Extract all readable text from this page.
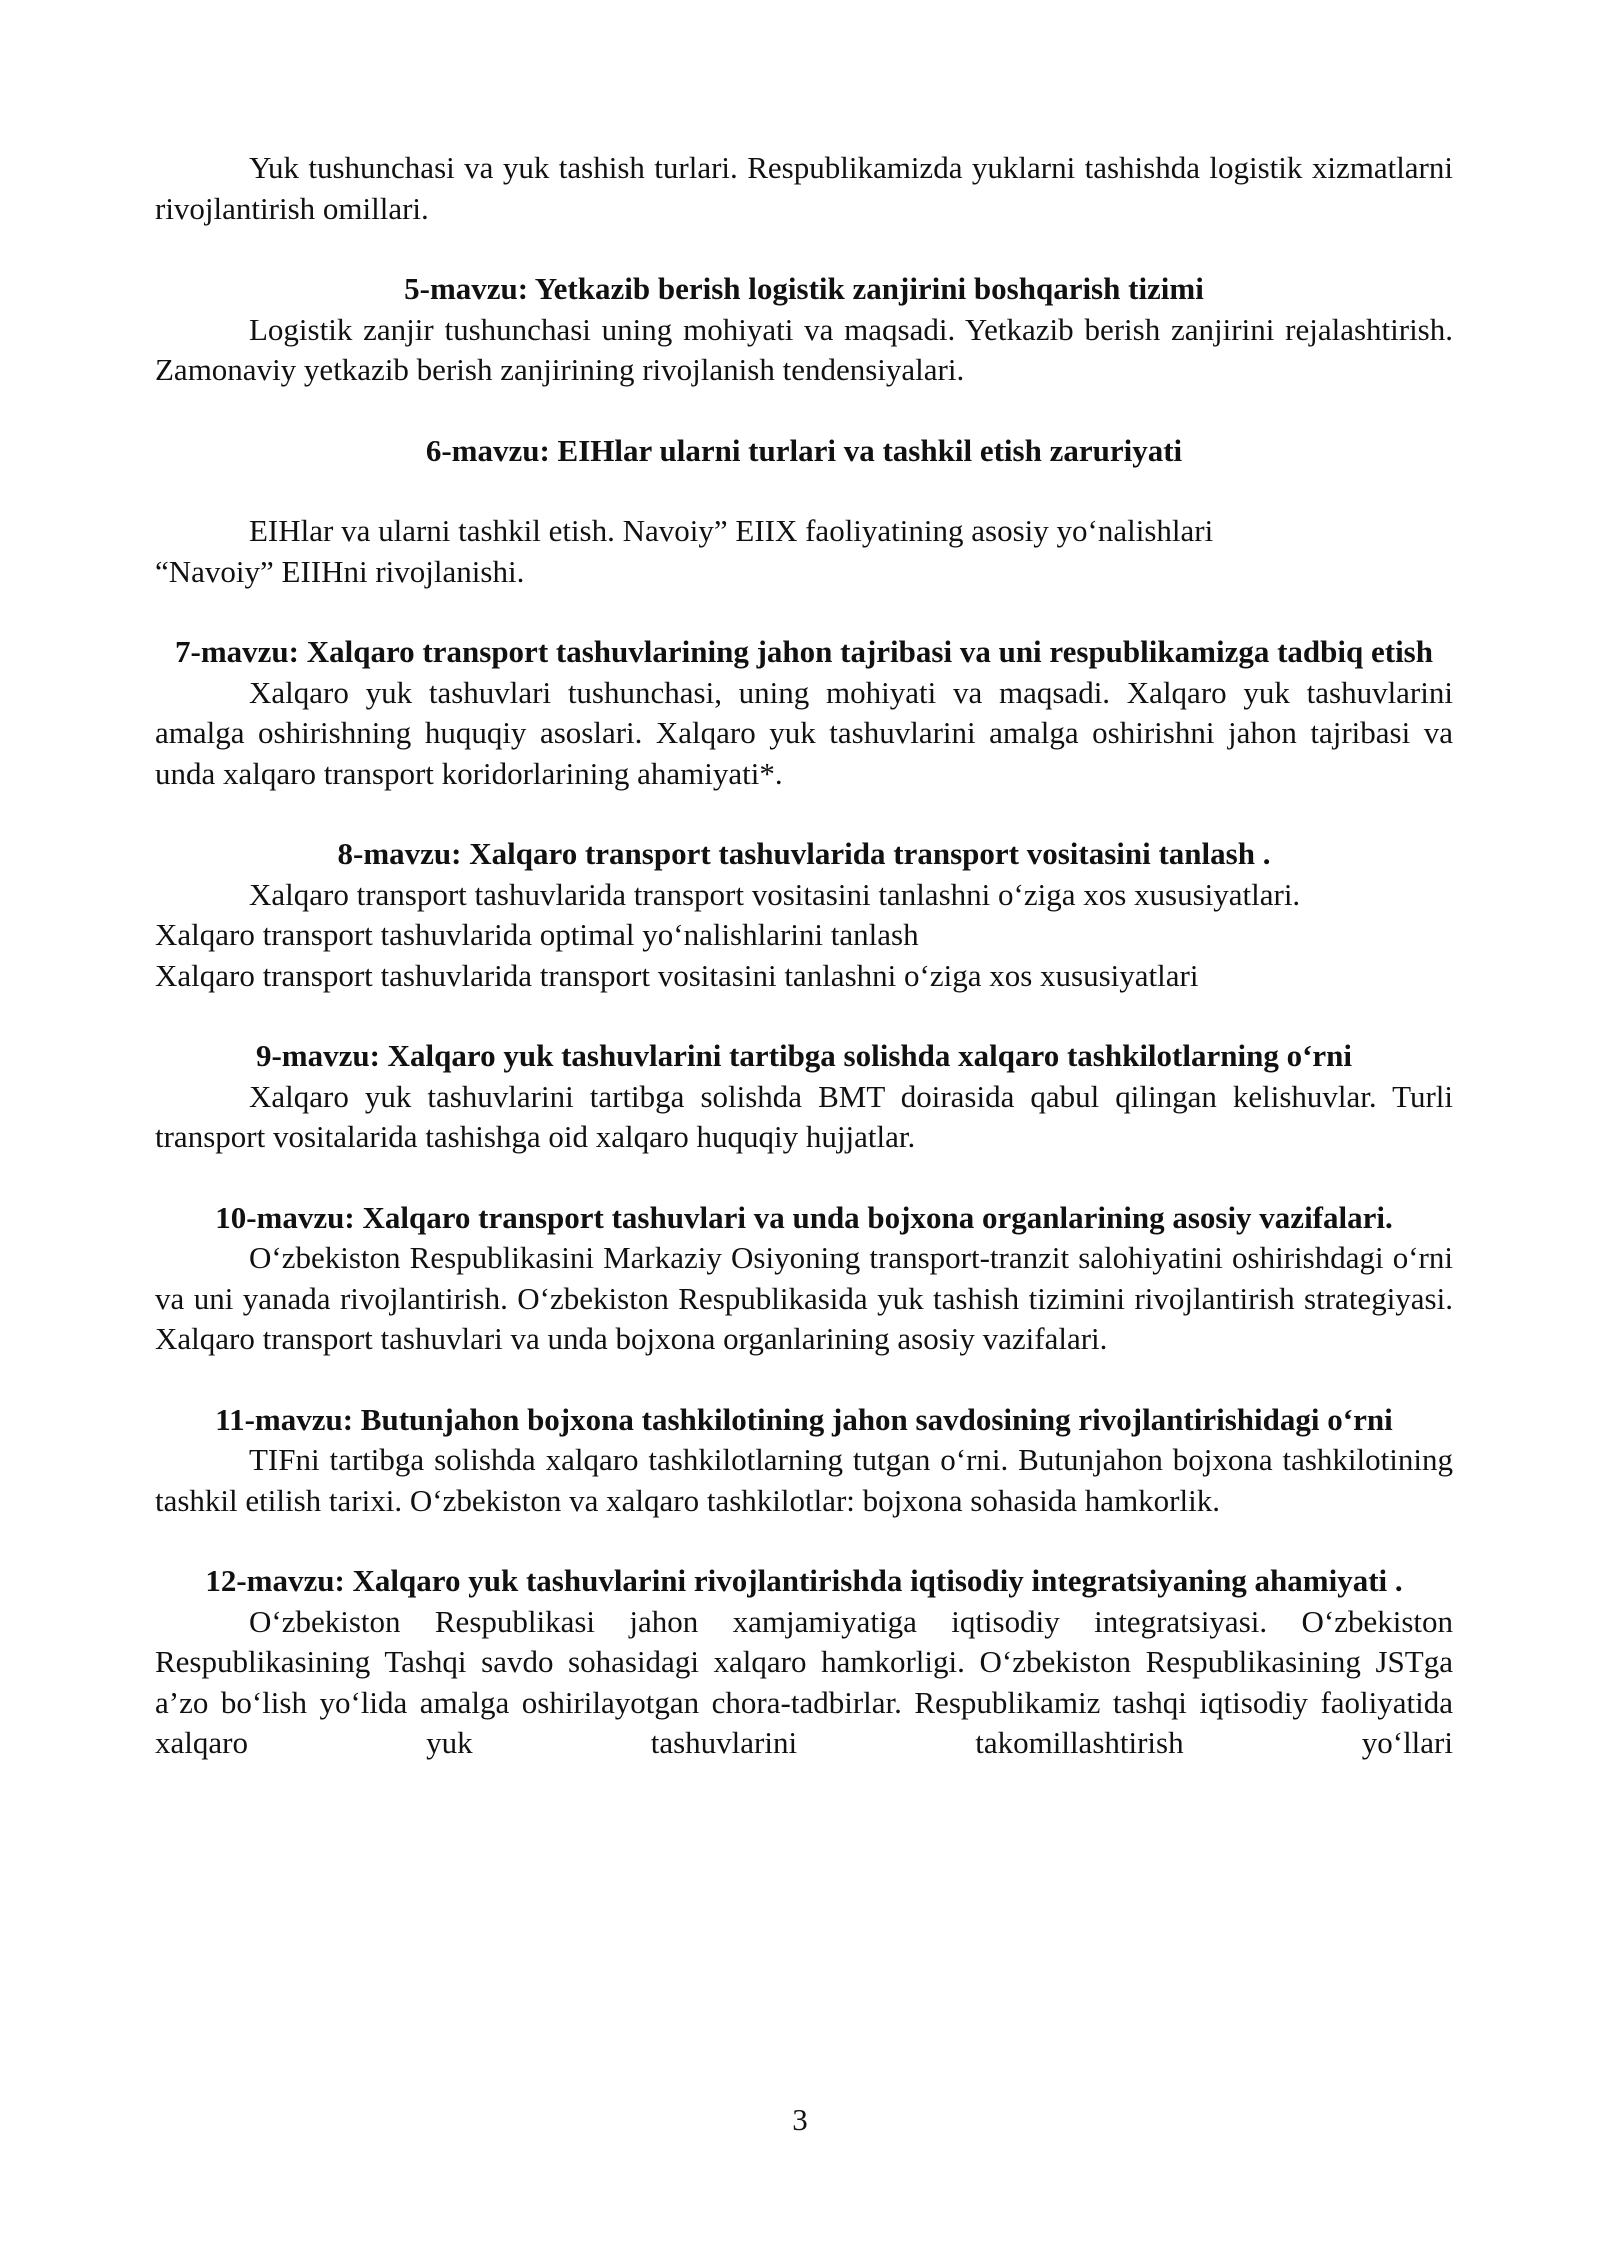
Yuk tushunchasi va yuk tashish turlari. Respublikamizda yuklarni tashishda logistik xizmatlarni rivojlantirish omillari.

5-mavzu: Yetkazib berish logistik zanjirini boshqarish tizimi

Logistik zanjir tushunchasi uning mohiyati va maqsadi. Yetkazib berish zanjirini rejalashtirish. Zamonaviy yetkazib berish zanjirining rivojlanish tendensiyalari.

6-mavzu: EIHlar ularni turlari va tashkil etish zaruriyati

EIHlar va ularni tashkil etish. Navoiy” EIIX faoliyatining asosiy yo‘nalishlari

“Navoiy” EIIHni rivojlanishi.

7-mavzu: Xalqaro transport tashuvlarining jahon tajribasi va uni respublikamizga tadbiq etish

Xalqaro yuk tashuvlari tushunchasi, uning mohiyati va maqsadi. Xalqaro yuk tashuvlarini amalga oshirishning huquqiy asoslari. Xalqaro yuk tashuvlarini amalga oshirishni jahon tajribasi va unda xalqaro transport koridorlarining ahamiyati*.

8-mavzu: Xalqaro transport tashuvlarida transport vositasini tanlash .

Xalqaro transport tashuvlarida transport vositasini tanlashni o‘ziga xos xususiyatlari.

Xalqaro transport tashuvlarida optimal yo‘nalishlarini tanlash

Xalqaro transport tashuvlarida transport vositasini tanlashni o‘ziga xos xususiyatlari

9-mavzu: Xalqaro yuk tashuvlarini tartibga solishda xalqaro tashkilotlarning o‘rni

Xalqaro yuk tashuvlarini tartibga solishda BMT doirasida qabul qilingan kelishuvlar. Turli transport vositalarida tashishga oid xalqaro huquqiy hujjatlar.

10-mavzu: Xalqaro transport tashuvlari va unda bojxona organlarining asosiy vazifalari.

O‘zbekiston Respublikasini Markaziy Osiyoning transport-tranzit salohiyatini oshirishdagi o‘rni va uni yanada rivojlantirish. O‘zbekiston Respublikasida yuk tashish tizimini rivojlantirish strategiyasi. Xalqaro transport tashuvlari va unda bojxona organlarining asosiy vazifalari.

11-mavzu: Butunjahon bojxona tashkilotining jahon savdosining rivojlantirishidagi o‘rni

TIFni tartibga solishda xalqaro tashkilotlarning tutgan o‘rni. Butunjahon bojxona tashkilotining tashkil etilish tarixi. O‘zbekiston va xalqaro tashkilotlar: bojxona sohasida hamkorlik.

12-mavzu: Xalqaro yuk tashuvlarini rivojlantirishda iqtisodiy integratsiyaning ahamiyati .

O‘zbekiston Respublikasi jahon xamjamiyatiga iqtisodiy integratsiyasi. O‘zbekiston Respublikasining Tashqi savdo sohasidagi xalqaro hamkorligi. O‘zbekiston Respublikasining JSTga a’zo bo‘lish yo‘lida amalga oshirilayotgan chora-tadbirlar. Respublikamiz tashqi iqtisodiy faoliyatida xalqaro yuk tashuvlarini takomillashtirish yo‘llari

3
